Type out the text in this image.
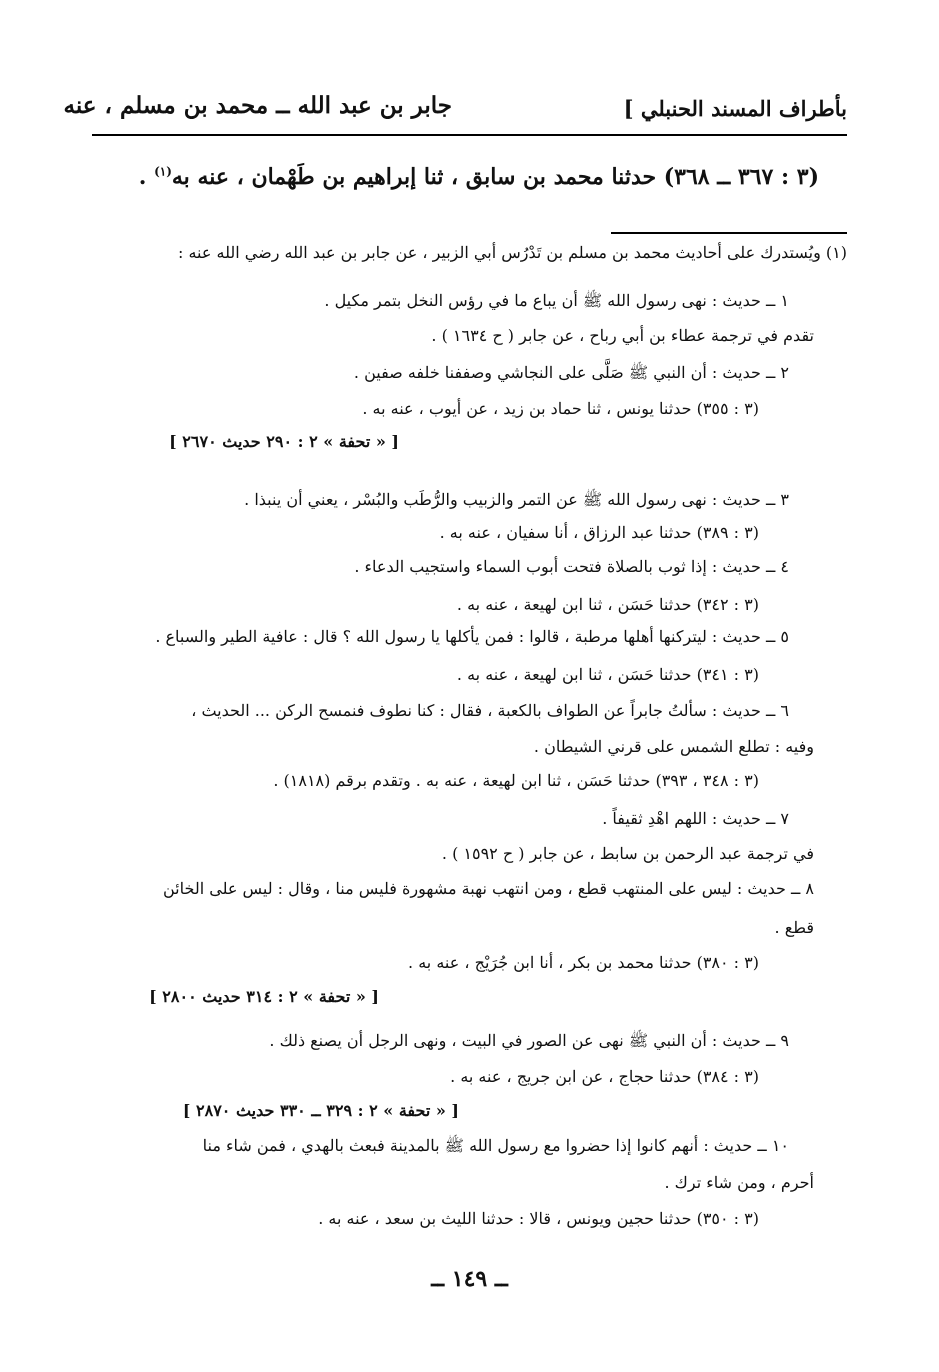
بأطراف المسند الحنبلي ]
جابر بن عبد الله ــ محمد بن مسلم ، عنه
(٣ : ٣٦٧ ــ ٣٦٨) حدثنا محمد بن سابق ، ثنا إبراهيم بن طَهْمان ، عنه به$^{(١)}$ .
(١) ويُستدرك على أحاديث محمد بن مسلم بن تَدْرُس أبي الزبير ، عن جابر بن عبد الله رضي الله عنه :
١ ــ حديث : نهى رسول الله ﷺ أن يباع ما في رؤس النخل بتمر مكيل .
تقدم في ترجمة عطاء بن أبي رباح ، عن جابر ( ح ١٦٣٤ ) .
٢ ــ حديث : أن النبي ﷺ صَلَّى على النجاشي وصففنا خلفه صفين .
(٣ : ٣٥٥) حدثنا يونس ، ثنا حماد بن زيد ، عن أيوب ، عنه به .
[ « تحفة » ٢ : ٢٩٠ حديث ٢٦٧٠ ]
٣ ــ حديث : نهى رسول الله ﷺ عن التمر والزبيب والرُّطَب والبُسْر ، يعني أن ينبذا .
(٣ : ٣٨٩) حدثنا عبد الرزاق ، أنا سفيان ، عنه به .
٤ ــ حديث : إذا ثوب بالصلاة فتحت أبوب السماء واستجيب الدعاء .
(٣ : ٣٤٢) حدثنا حَسَن ، ثنا ابن لهيعة ، عنه به .
٥ ــ حديث : ليتركنها أهلها مرطبة ، قالوا : فمن يأكلها يا رسول الله ؟ قال : عافية الطير والسباع .
(٣ : ٣٤١) حدثنا حَسَن ، ثنا ابن لهيعة ، عنه به .
٦ ــ حديث : سألتُ جابراً عن الطواف بالكعبة ، فقال : كنا نطوف فنمسح الركن ... الحديث ،
وفيه : تطلع الشمس على قرني الشيطان .
(٣ : ٣٤٨ ، ٣٩٣) حدثنا حَسَن ، ثنا ابن لهيعة ، عنه به . وتقدم برقم (١٨١٨) .
٧ ــ حديث : اللهم اهْدِ ثقيفاً .
في ترجمة عبد الرحمن بن سابط ، عن جابر ( ح ١٥٩٢ ) .
٨ ــ حديث : ليس على المنتهب قطع ، ومن انتهب نهبة مشهورة فليس منا ، وقال : ليس على الخائن
قطع .
(٣ : ٣٨٠) حدثنا محمد بن بكر ، أنا ابن جُرَيْج ، عنه به .
[ « تحفة » ٢ : ٣١٤ حديث ٢٨٠٠ ]
٩ ــ حديث : أن النبي ﷺ نهى عن الصور في البيت ، ونهى الرجل أن يصنع ذلك .
(٣ : ٣٨٤) حدثنا حجاج ، عن ابن جريج ، عنه به .
[ « تحفة » ٢ : ٣٢٩ ــ ٣٣٠ حديث ٢٨٧٠ ]
١٠ ــ حديث : أنهم كانوا إذا حضروا مع رسول الله ﷺ بالمدينة فبعث بالهدي ، فمن شاء منا
أحرم ، ومن شاء ترك .
(٣ : ٣٥٠) حدثنا حجين ويونس ، قالا : حدثنا الليث بن سعد ، عنه به .
ــ ١٤٩ ــ
